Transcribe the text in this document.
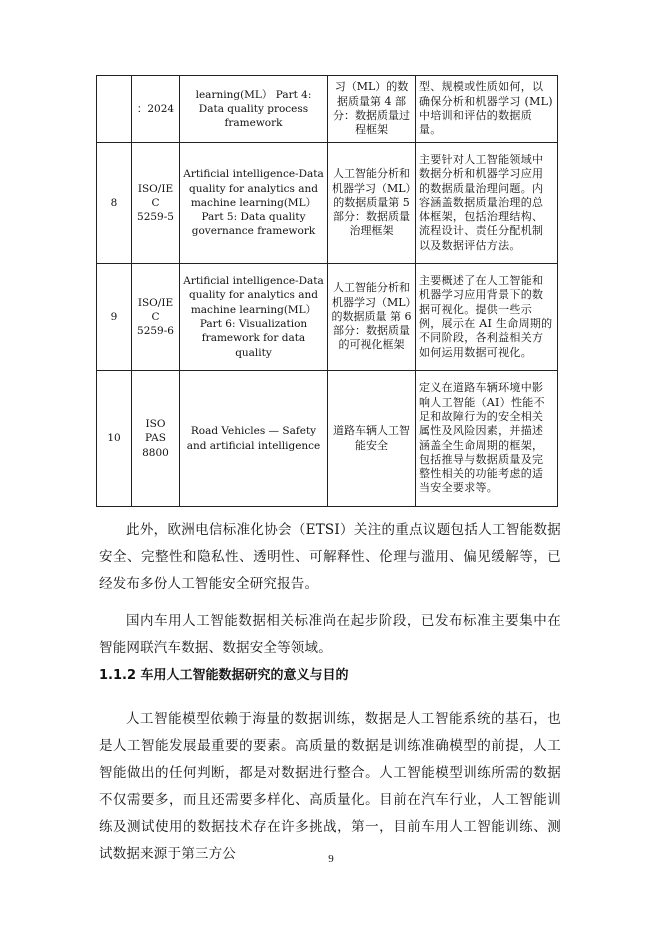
	：2024	learning(ML） Part 4: Data quality process framework	习（ML）的数据质量第 4 部分：数据质量过程框架	型、规模或性质如何，以确保分析和机器学习 (ML)中培训和评估的数据质量。
8	ISO/IEC 5259-5	Artificial intelligence-Data quality for analytics and machine learning(ML） Part 5: Data quality governance framework	人工智能分析和机器学习（ML）的数据质量第 5 部分：数据质量治理框架	主要针对人工智能领域中数据分析和机器学习应用的数据质量治理问题。内容涵盖数据质量治理的总体框架，包括治理结构、流程设计、责任分配机制以及数据评估方法。
9	ISO/IEC 5259-6	Artificial intelligence-Data quality for analytics and machine learning(ML） Part 6: Visualization framework for data quality	人工智能分析和机器学习（ML）的数据质量 第 6 部分：数据质量的可视化框架	主要概述了在人工智能和机器学习应用背景下的数据可视化。提供一些示例，展示在 AI 生命周期的不同阶段，各利益相关方如何运用数据可视化。
10	ISO PAS 8800	Road Vehicles — Safety and artificial intelligence	道路车辆人工智能安全	定义在道路车辆环境中影响人工智能（AI）性能不足和故障行为的安全相关属性及风险因素，并描述涵盖全生命周期的框架，包括推导与数据质量及完整性相关的功能考虑的适当安全要求等。

此外，欧洲电信标准化协会（ETSI）关注的重点议题包括人工智能数据安全、完整性和隐私性、透明性、可解释性、伦理与滥用、偏见缓解等，已经发布多份人工智能安全研究报告。

国内车用人工智能数据相关标准尚在起步阶段，已发布标准主要集中在智能网联汽车数据、数据安全等领域。

1.1.2 车用人工智能数据研究的意义与目的

人工智能模型依赖于海量的数据训练，数据是人工智能系统的基石，也是人工智能发展最重要的要素。高质量的数据是训练准确模型的前提，人工智能做出的任何判断，都是对数据进行整合。人工智能模型训练所需的数据不仅需要多，而且还需要多样化、高质量化。目前在汽车行业，人工智能训练及测试使用的数据技术存在许多挑战，第一，目前车用人工智能训练、测试数据来源于第三方公	9
